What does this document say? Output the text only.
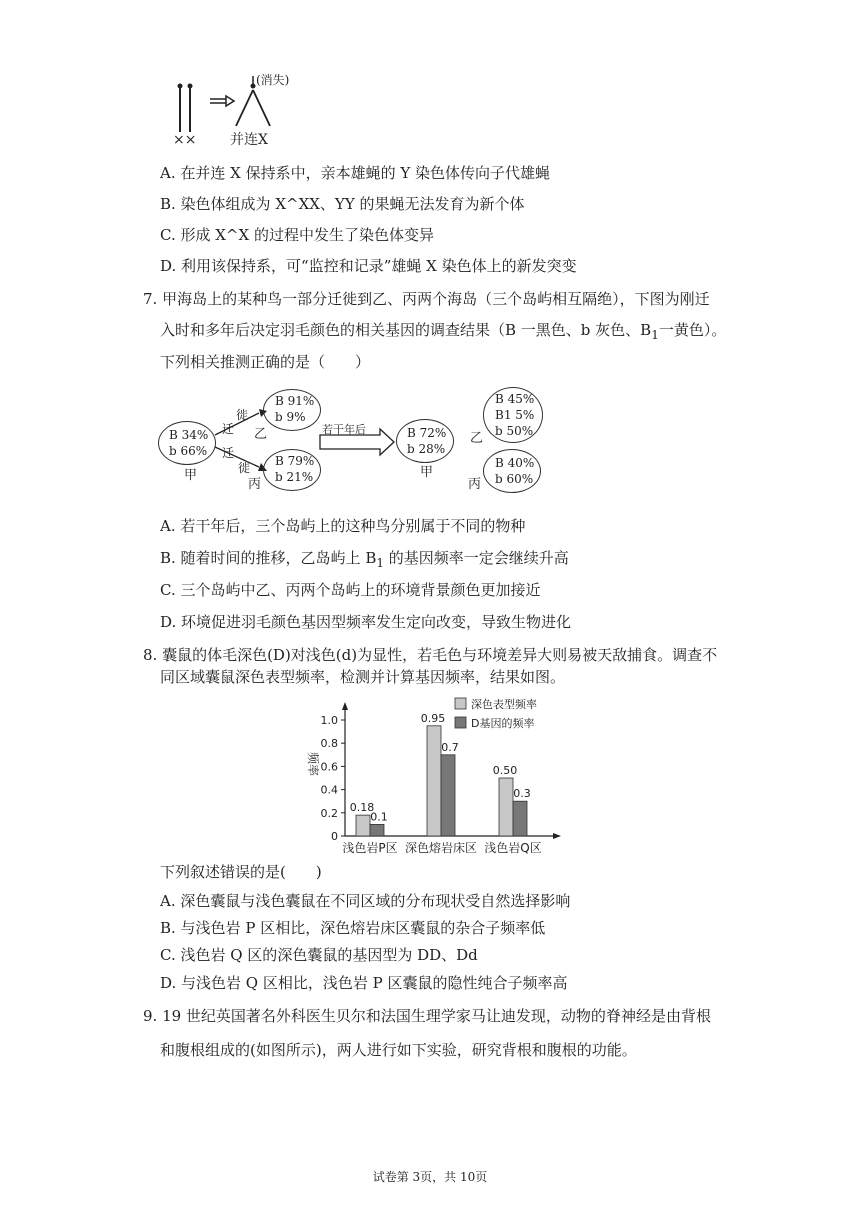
(消失)
×× 并连X
A. 在并连 X 保持系中，亲本雄蝇的 Y 染色体传向子代雄蝇
B. 染色体组成为 X^XX、YY 的果蝇无法发育为新个体
C. 形成 X^X 的过程中发生了染色体变异
D. 利用该保持系，可“监控和记录”雄蝇 X 染色体上的新发突变
7. 甲海岛上的某种鸟一部分迁徙到乙、丙两个海岛（三个岛屿相互隔绝），下图为刚迁
入时和多年后决定羽毛颜色的相关基因的调查结果（B 一黑色、b 灰色、$B_1$一黄色）。
下列相关推测正确的是（　　）
B 34%
b 66%
甲
徙
迁
迁
徙
B 91%
b 9%
乙
B 79%
b 21%
丙
若干年后	B 72%
b 28%
甲
B 45%
B1 5%
b 50%
乙
B 40%
b 60%
丙
A. 若干年后，三个岛屿上的这种鸟分别属于不同的物种
B. 随着时间的推移，乙岛屿上 $B_1$ 的基因频率一定会继续升高
C. 三个岛屿中乙、丙两个岛屿上的环境背景颜色更加接近
D. 环境促进羽毛颜色基因型频率发生定向改变，导致生物进化
8. 囊鼠的体毛深色(D)对浅色(d)为显性，若毛色与环境差异大则易被天敌捕食。调查不
同区域囊鼠深色表型频率，检测并计算基因频率，结果如图。
0
0.2
0.4
0.6
0.8
1.0
频率
0.18
0.1
浅色岩P区
0.95
0.7
深色熔岩床区
0.50
0.3
浅色岩Q区
深色表型频率
D基因的频率
下列叙述错误的是(　　)
A. 深色囊鼠与浅色囊鼠在不同区域的分布现状受自然选择影响
B. 与浅色岩 P 区相比，深色熔岩床区囊鼠的杂合子频率低
C. 浅色岩 Q 区的深色囊鼠的基因型为 DD、Dd
D. 与浅色岩 Q 区相比，浅色岩 P 区囊鼠的隐性纯合子频率高
9. 19 世纪英国著名外科医生贝尔和法国生理学家马让迪发现，动物的脊神经是由背根
和腹根组成的(如图所示)，两人进行如下实验，研究背根和腹根的功能。
试卷第 3页，共 10页
